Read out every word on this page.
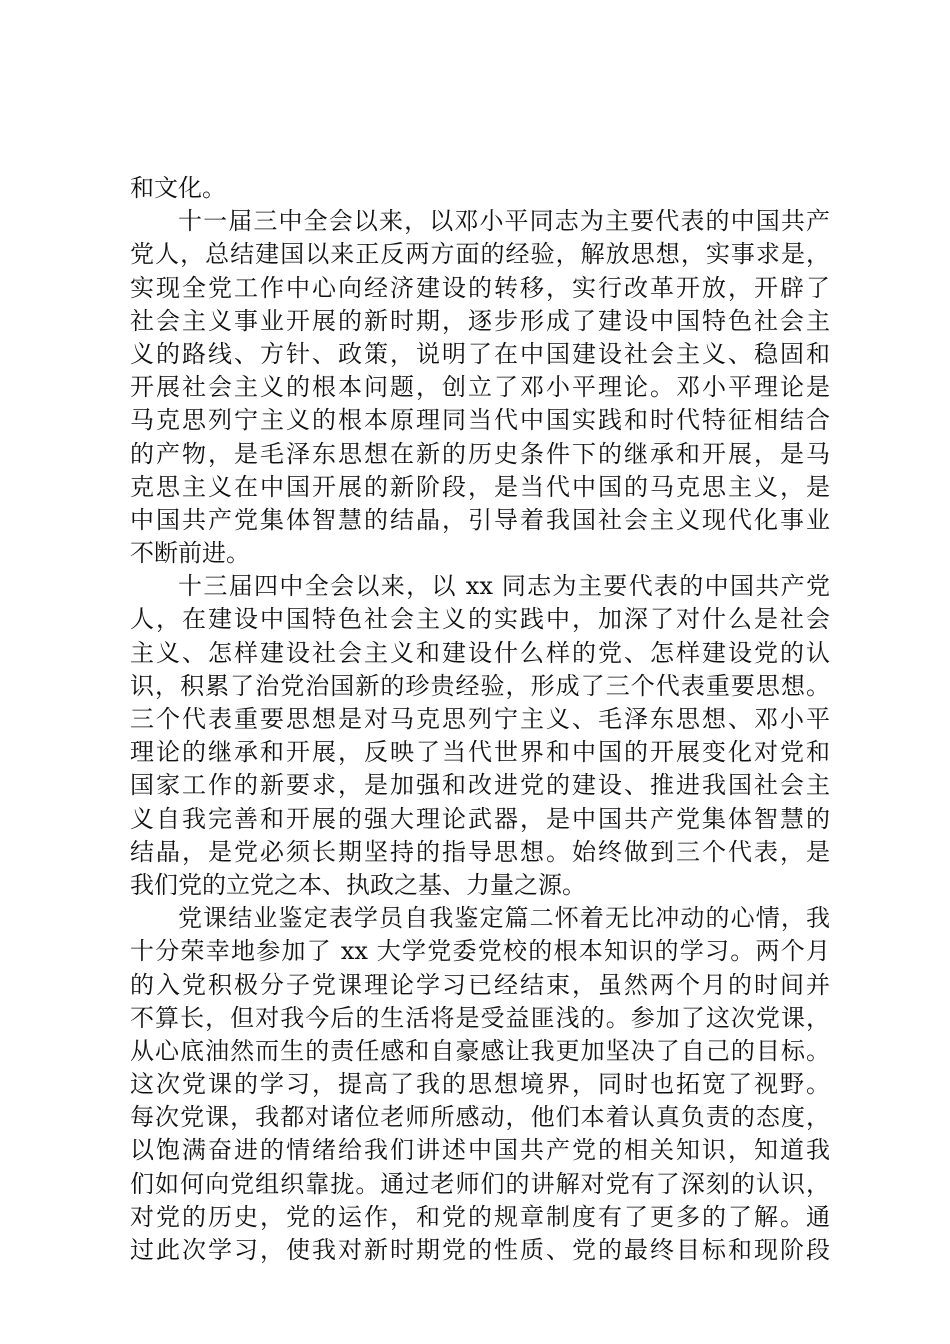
和文化。
十一届三中全会以来，以邓小平同志为主要代表的中国共产
党人，总结建国以来正反两方面的经验，解放思想，实事求是，
实现全党工作中心向经济建设的转移，实行改革开放，开辟了
社会主义事业开展的新时期，逐步形成了建设中国特色社会主
义的路线、方针、政策，说明了在中国建设社会主义、稳固和
开展社会主义的根本问题，创立了邓小平理论。邓小平理论是
马克思列宁主义的根本原理同当代中国实践和时代特征相结合
的产物，是毛泽东思想在新的历史条件下的继承和开展，是马
克思主义在中国开展的新阶段，是当代中国的马克思主义，是
中国共产党集体智慧的结晶，引导着我国社会主义现代化事业
不断前进。
十三届四中全会以来，以 xx 同志为主要代表的中国共产党
人，在建设中国特色社会主义的实践中，加深了对什么是社会
主义、怎样建设社会主义和建设什么样的党、怎样建设党的认
识，积累了治党治国新的珍贵经验，形成了三个代表重要思想。
三个代表重要思想是对马克思列宁主义、毛泽东思想、邓小平
理论的继承和开展，反映了当代世界和中国的开展变化对党和
国家工作的新要求，是加强和改进党的建设、推进我国社会主
义自我完善和开展的强大理论武器，是中国共产党集体智慧的
结晶，是党必须长期坚持的指导思想。始终做到三个代表，是
我们党的立党之本、执政之基、力量之源。
党课结业鉴定表学员自我鉴定篇二怀着无比冲动的心情，我
十分荣幸地参加了 xx 大学党委党校的根本知识的学习。两个月
的入党积极分子党课理论学习已经结束，虽然两个月的时间并
不算长，但对我今后的生活将是受益匪浅的。参加了这次党课，
从心底油然而生的责任感和自豪感让我更加坚决了自己的目标。
这次党课的学习，提高了我的思想境界，同时也拓宽了视野。
每次党课，我都对诸位老师所感动，他们本着认真负责的态度，
以饱满奋进的情绪给我们讲述中国共产党的相关知识，知道我
们如何向党组织靠拢。通过老师们的讲解对党有了深刻的认识，
对党的历史，党的运作，和党的规章制度有了更多的了解。通
过此次学习，使我对新时期党的性质、党的最终目标和现阶段
